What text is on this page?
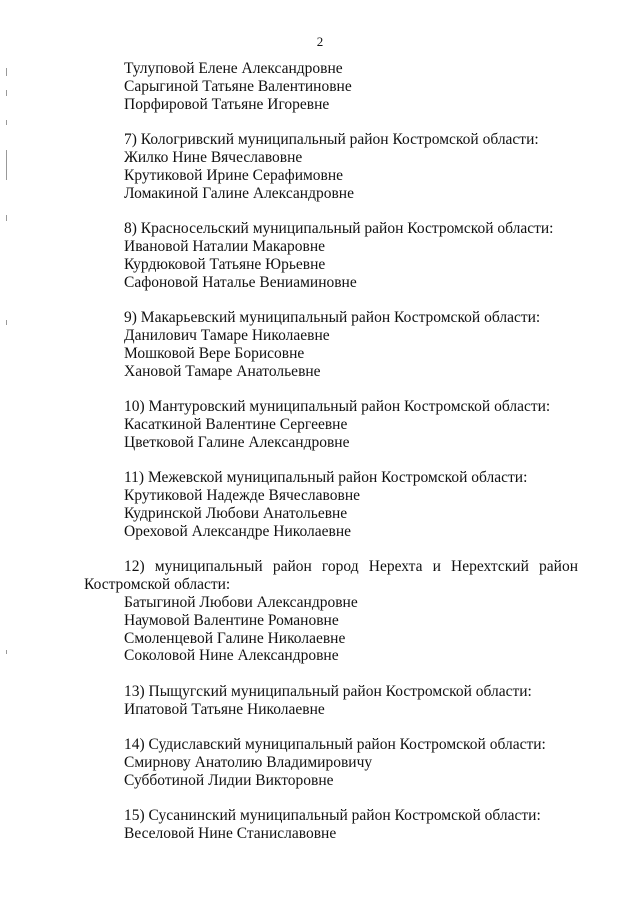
2
Тулуповой Елене Александровне
Сарыгиной Татьяне Валентиновне
Порфировой Татьяне Игоревне
7) Кологривский муниципальный район Костромской области:
Жилко Нине Вячеславовне
Крутиковой Ирине Серафимовне
Ломакиной Галине Александровне
8) Красносельский муниципальный район Костромской области:
Ивановой Наталии Макаровне
Курдюковой Татьяне Юрьевне
Сафоновой Наталье Вениаминовне
9) Макарьевский муниципальный район Костромской области:
Данилович Тамаре Николаевне
Мошковой Вере Борисовне
Хановой Тамаре Анатольевне
10) Мантуровский муниципальный район Костромской области:
Касаткиной Валентине Сергеевне
Цветковой Галине Александровне
11) Межевской муниципальный район Костромской области:
Крутиковой Надежде Вячеславовне
Кудринской Любови Анатольевне
Ореховой Александре Николаевне
12) муниципальный район город Нерехта и Нерехтский район
Костромской области:
Батыгиной Любови Александровне
Наумовой Валентине Романовне
Смоленцевой Галине Николаевне
Соколовой Нине Александровне
13) Пыщугский муниципальный район Костромской области:
Ипатовой Татьяне Николаевне
14) Судиславский муниципальный район Костромской области:
Смирнову Анатолию Владимировичу
Субботиной Лидии Викторовне
15) Сусанинский муниципальный район Костромской области:
Веселовой Нине Станиславовне
